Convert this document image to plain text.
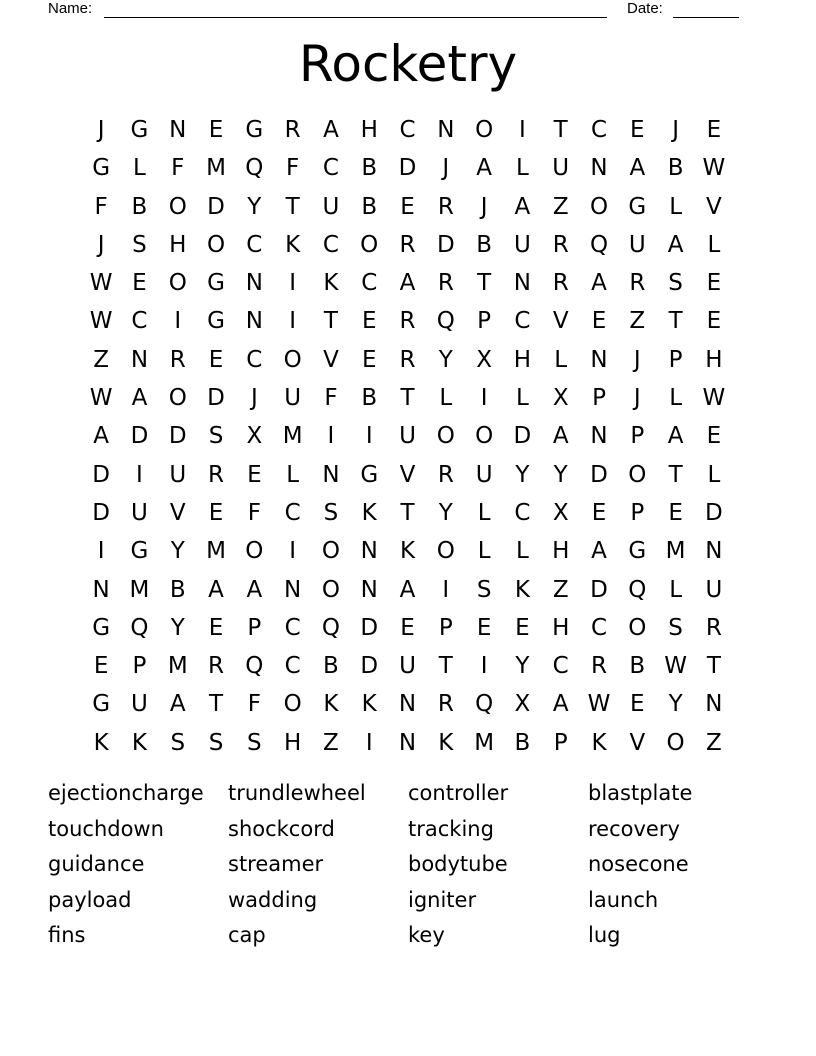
Name:	Date:
Rocketry
J	G N E G R A H C N O	I	T	C	E	J	E
G L	F M Q F	C B D	J	A	L	U N A B W
F	B O D Y	T U B	E	R	J	A Z O G L	V
J	S H O C K C O R D B U R Q U A	L
W E O G N	I	K C A R	T N R A R	S	E
W C	I	G N	I	T	E	R Q P	C V	E	Z	T	E
Z N R	E C O V	E	R	Y	X H	L	N	J	P H
W A O D	J	U	F	B	T	L	I	L	X	P	J	L W
A D D S	X M	I	I	U O O D A N P	A	E
D	I	U R	E	L	N G V R U Y	Y D O T	L
D U V	E	F	C S	K	T	Y	L	C X	E	P	E D
I	G Y M O	I	O N K O L	L	H A G M N
N M B A A N O N A	I	S	K Z D Q L	U
G Q Y	E	P	C Q D E	P	E	E H C O S	R
E	P M R Q C B D U T	I	Y	C R B W T
G U A	T	F O K	K N R Q X A W E	Y N
K	K	S	S	S H Z	I	N K M B	P	K V O Z
ejectioncharge	trundlewheel	controller	blastplate
touchdown	shockcord	tracking	recovery
guidance	streamer	bodytube	nosecone
payload	wadding	igniter	launch
fins	cap	key	lug
